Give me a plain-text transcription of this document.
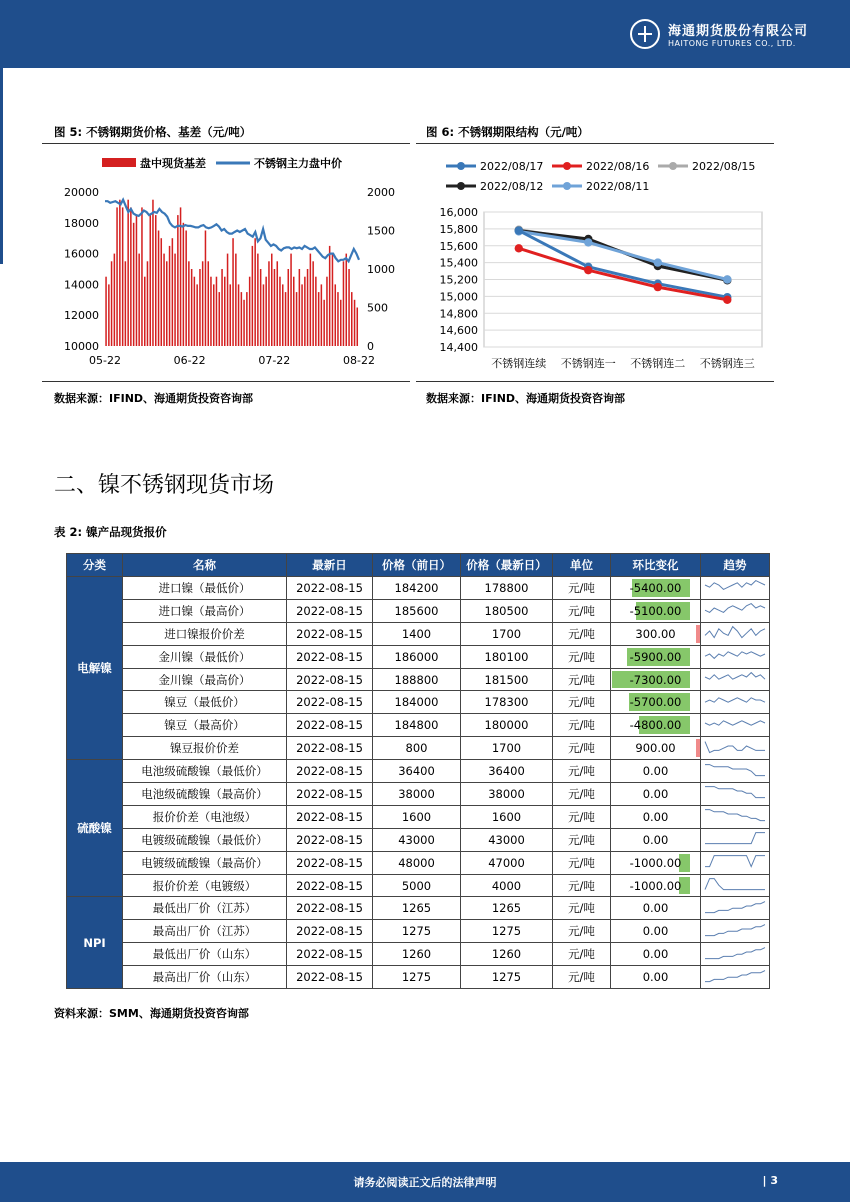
海通期货股份有限公司
HAITONG FUTURES CO., LTD.
图 5: 不锈钢期货价格、基差（元/吨）
盘中现货基差	不锈钢主力盘中价
20000
18000
16000
14000
12000
10000
2000
1500
1000
500
0
05-22	06-22	07-22	08-22
数据来源：IFIND、海通期货投资咨询部
图 6: 不锈钢期限结构（元/吨）
16,000
15,800
15,600
15,400
15,200
15,000
14,800
14,600
14,400
不锈钢连续 不锈钢连一 不锈钢连二 不锈钢连三
2022/08/17	2022/08/16	2022/08/15
2022/08/12	2022/08/11
数据来源：IFIND、海通期货投资咨询部
二、镍不锈钢现货市场
表 2: 镍产品现货报价
分类	名称	最新日	价格（前日）	价格（最新日）	单位	环比变化	趋势
电解镍	进口镍（最低价）	2022-08-15	184200	178800	元/吨	-5400.00	

	进口镍（最高价）	2022-08-15	185600	180500	元/吨	-5100.00	

	进口镍报价价差	2022-08-15	1400	1700	元/吨	300.00	

	金川镍（最低价）	2022-08-15	186000	180100	元/吨	-5900.00	

	金川镍（最高价）	2022-08-15	188800	181500	元/吨	-7300.00	

	镍豆（最低价）	2022-08-15	184000	178300	元/吨	-5700.00	

	镍豆（最高价）	2022-08-15	184800	180000	元/吨	-4800.00	

	镍豆报价价差	2022-08-15	800	1700	元/吨	900.00	

硫酸镍	电池级硫酸镍（最低价）	2022-08-15	36400	36400	元/吨	0.00	

	电池级硫酸镍（最高价）	2022-08-15	38000	38000	元/吨	0.00	

	报价价差（电池级）	2022-08-15	1600	1600	元/吨	0.00	

	电镀级硫酸镍（最低价）	2022-08-15	43000	43000	元/吨	0.00	

	电镀级硫酸镍（最高价）	2022-08-15	48000	47000	元/吨	-1000.00	

	报价价差（电镀级）	2022-08-15	5000	4000	元/吨	-1000.00	

NPI	最低出厂价（江苏）	2022-08-15	1265	1265	元/吨	0.00	

	最高出厂价（江苏）	2022-08-15	1275	1275	元/吨	0.00	

	最低出厂价（山东）	2022-08-15	1260	1260	元/吨	0.00	

	最高出厂价（山东）	2022-08-15	1275	1275	元/吨	0.00	
资料来源：SMM、海通期货投资咨询部
请务必阅读正文后的法律声明	| 3
